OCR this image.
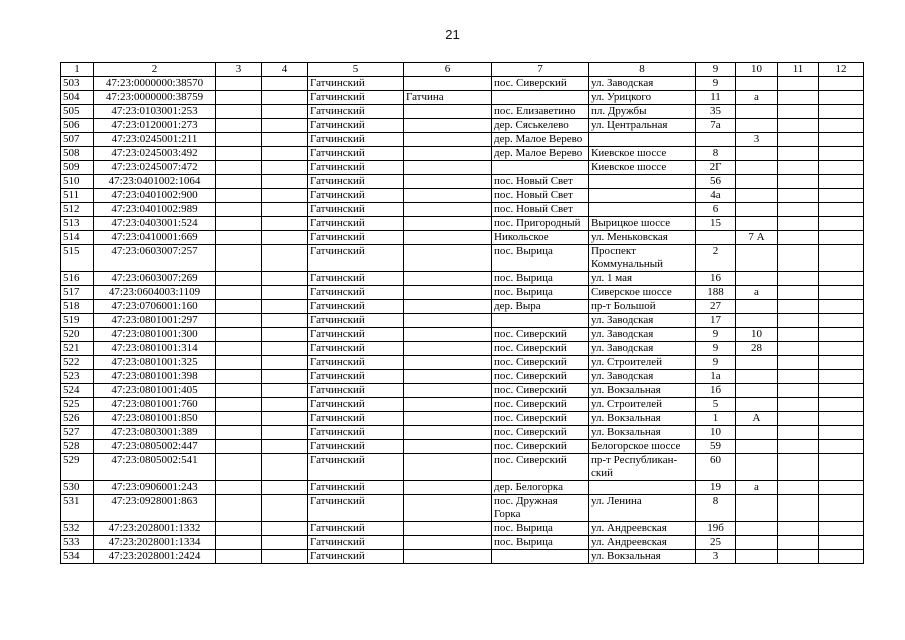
21
1	2	3	4	5	6	7	8	9	10	11	12
503	47:23:0000000:38570			Гатчинский		пос. Сиверский	ул. Заводская	9			
504	47:23:0000000:38759			Гатчинский	Гатчина		ул. Урицкого	11	а		
505	47:23:0103001:253			Гатчинский		пос. Елизаветино	пл. Дружбы	35			
506	47:23:0120001:273			Гатчинский		дер. Сяськелево	ул. Центральная	7а			
507	47:23:0245001:211			Гатчинский		дер. Малое Верево			3		
508	47:23:0245003:492			Гатчинский		дер. Малое Верево	Киевское шоссе	8			
509	47:23:0245007:472			Гатчинский			Киевское шоссе	2Г			
510	47:23:0401002:1064			Гатчинский		пос. Новый Свет		56			
511	47:23:0401002:900			Гатчинский		пос. Новый Свет		4а			
512	47:23:0401002:989			Гатчинский		пос. Новый Свет		6			
513	47:23:0403001:524			Гатчинский		пос. Пригородный	Вырицкое шоссе	15			
514	47:23:0410001:669			Гатчинский		Никольское	ул. Меньковская		7 А		
515	47:23:0603007:257			Гатчинский		пос. Вырица	Проспект Коммунальный	2			
516	47:23:0603007:269			Гатчинский		пос. Вырица	ул. 1 мая	16			
517	47:23:0604003:1109			Гатчинский		пос. Вырица	Сиверское шоссе	188	а		
518	47:23:0706001:160			Гатчинский		дер. Выра	пр-т Большой	27			
519	47:23:0801001:297			Гатчинский			ул. Заводская	17			
520	47:23:0801001:300			Гатчинский		пос. Сиверский	ул. Заводская	9	10		
521	47:23:0801001:314			Гатчинский		пос. Сиверский	ул. Заводская	9	28		
522	47:23:0801001:325			Гатчинский		пос. Сиверский	ул. Строителей	9			
523	47:23:0801001:398			Гатчинский		пос. Сиверский	ул. Заводская	1а			
524	47:23:0801001:405			Гатчинский		пос. Сиверский	ул. Вокзальная	1б			
525	47:23:0801001:760			Гатчинский		пос. Сиверский	ул. Строителей	5			
526	47:23:0801001:850			Гатчинский		пос. Сиверский	ул. Вокзальная	1	А		
527	47:23:0803001:389			Гатчинский		пос. Сиверский	ул. Вокзальная	10			
528	47:23:0805002:447			Гатчинский		пос. Сиверский	Белогорское шоссе	59			
529	47:23:0805002:541			Гатчинский		пос. Сиверский	пр-т Республикан-ский	60			
530	47:23:0906001:243			Гатчинский		дер. Белогорка		19	а		
531	47:23:0928001:863			Гатчинский		пос. Дружная Горка	ул. Ленина	8			
532	47:23:2028001:1332			Гатчинский		пос. Вырица	ул. Андреевская	19б			
533	47:23:2028001:1334			Гатчинский		пос. Вырица	ул. Андреевская	25			
534	47:23:2028001:2424			Гатчинский			ул. Вокзальная	3			
